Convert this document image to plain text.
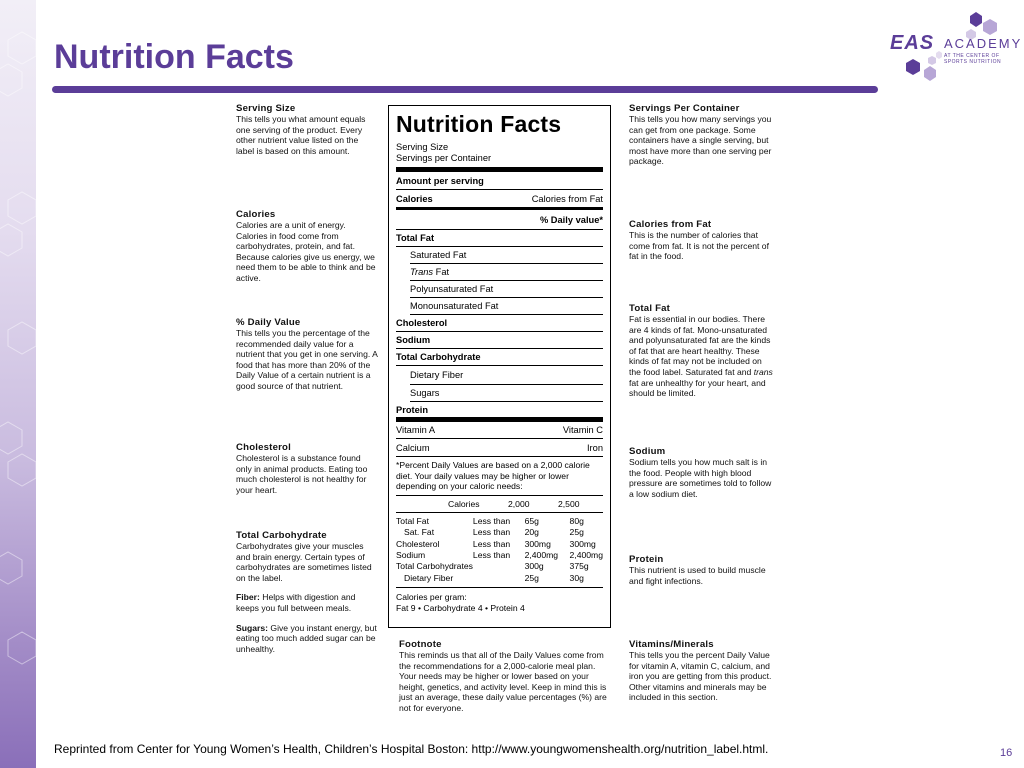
Nutrition Facts	EAS ACADEMY
AT THE CENTER OF SPORTS NUTRITION
Serving Size
This tells you what amount equals one serving of the product. Every other nutrient value listed on the label is based on this amount.
Calories
Calories are a unit of energy. Calories in food come from carbohydrates, protein, and fat. Because calories give us energy, we need them to be able to think and be active.
% Daily Value
This tells you the percentage of the recommended daily value for a nutrient that you get in one serving. A food that has more than 20% of the Daily Value of a certain nutrient is a good source of that nutrient.
Cholesterol
Cholesterol is a substance found only in animal products. Eating too much cholesterol is not healthy for your heart.
Total Carbohydrate
Carbohydrates give your muscles and brain energy. Certain types of carbohydrates are sometimes listed on the label.
Fiber: Helps with digestion and keeps you full between meals.
Sugars: Give you instant energy, but eating too much added sugar can be unhealthy.
Servings Per Container
This tells you how many servings you can get from one package. Some containers have a single serving, but most have more than one serving per package.
Calories from Fat
This is the number of calories that come from fat. It is not the percent of fat in the food.
Total Fat
Fat is essential in our bodies. There are 4 kinds of fat. Mono-unsaturated and polyunsaturated fat are the kinds of fat that are heart healthy. These kinds of fat may not be included on the food label. Saturated fat and trans fat are unhealthy for your heart, and should be limited.
Sodium
Sodium tells you how much salt is in the food. People with high blood pressure are sometimes told to follow a low sodium diet.
Protein
This nutrient is used to build muscle and fight infections.
Vitamins/Minerals
This tells you the percent Daily Value for vitamin A, vitamin C, calcium, and iron you are getting from this product. Other vitamins and minerals may be included in this section.
Footnote
This reminds us that all of the Daily Values come from the recommendations for a 2,000-calorie meal plan. Your needs may be higher or lower based on your height, genetics, and activity level. Keep in mind this is just an average, these daily value percentages (%) are not for everyone.
Nutrition Facts
Serving Size
Servings per Container
Amount per serving
Calories	Calories from Fat
% Daily value*
Total Fat
Saturated Fat
Trans Fat
Polyunsaturated Fat
Monounsaturated Fat
Cholesterol
Sodium
Total Carbohydrate
Dietary Fiber
Sugars
Protein
Vitamin A	Vitamin C
Calcium	Iron
*Percent Daily Values are based on a 2,000 calorie diet. Your daily values may be higher or lower depending on your caloric needs:
Calories	2,000	2,500
Total Fat	Less than	65g	80g
Sat. Fat	Less than	20g	25g
Cholesterol	Less than	300mg	300mg
Sodium	Less than	2,400mg	2,400mg
Total Carbohydrates		300g	375g
Dietary Fiber		25g	30g
Calories per gram:
Fat 9 • Carbohydrate 4 • Protein 4
Reprinted from Center for Young Women’s Health, Children’s Hospital Boston: http://www.youngwomenshealth.org/nutrition_label.html.	16
